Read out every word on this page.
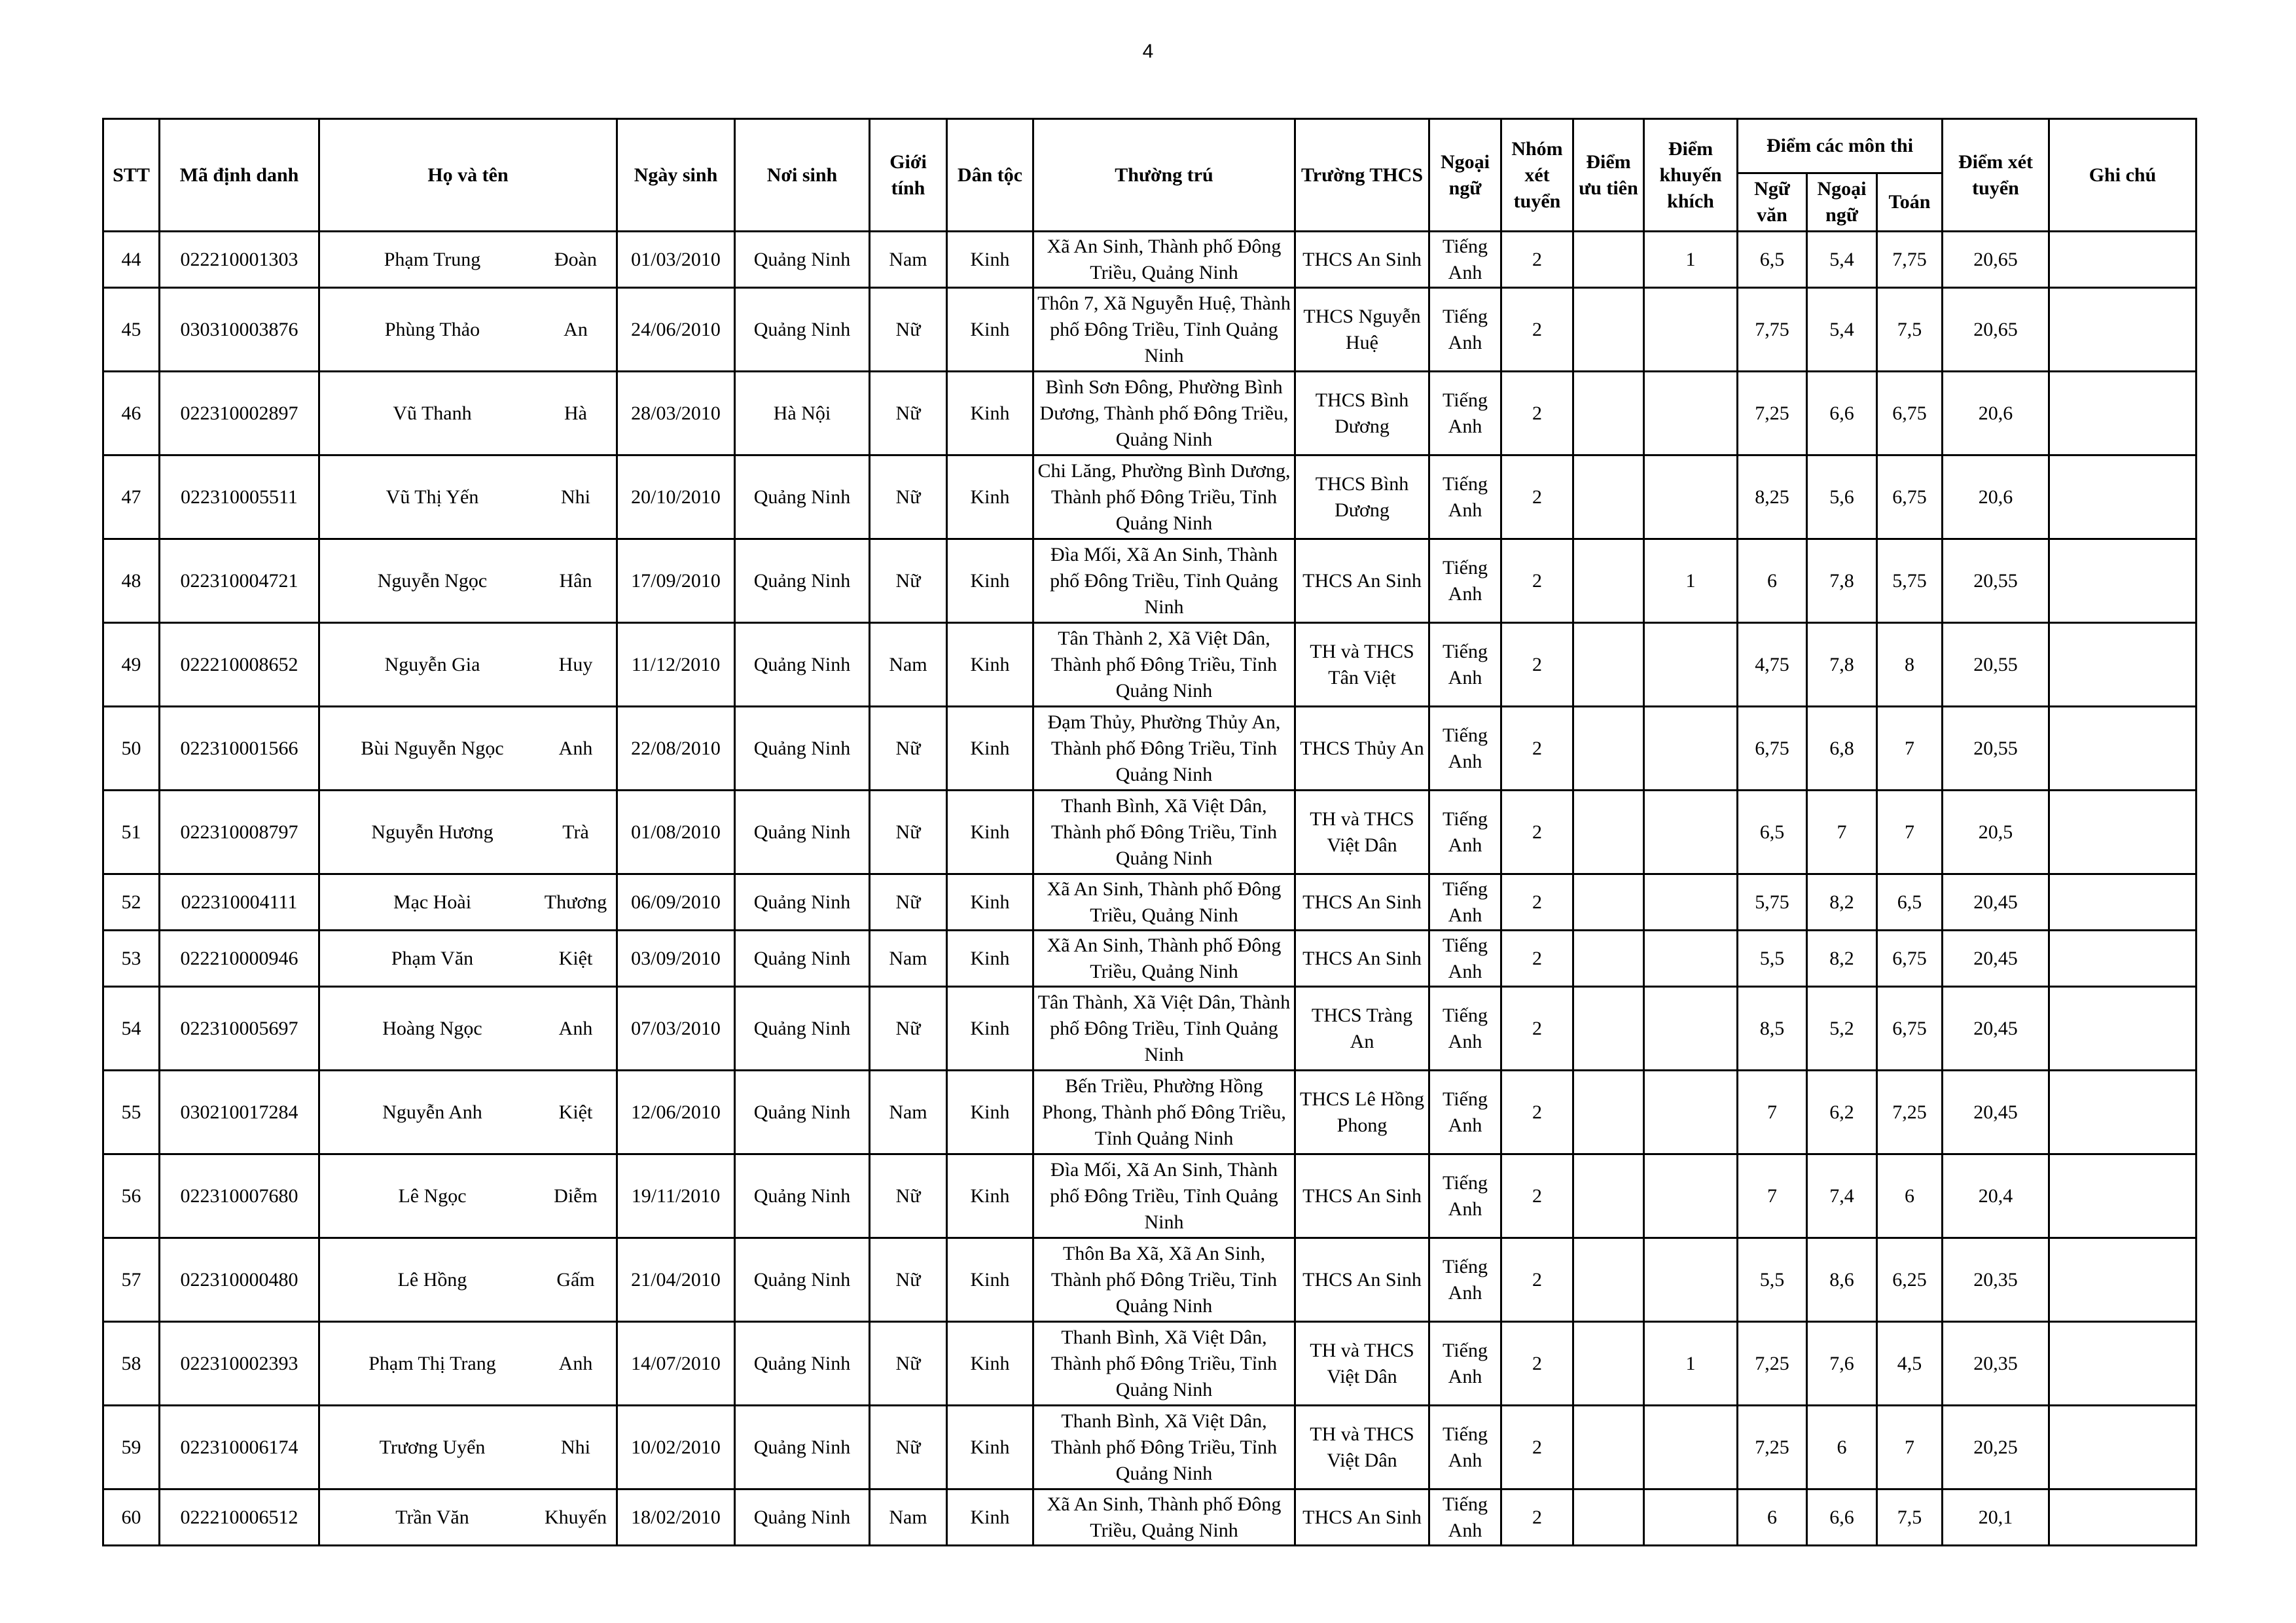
4
STT	Mã định danh	Họ và tên	Ngày sinh	Nơi sinh	Giới tính	Dân tộc	Thường trú	Trường THCS	Ngoại ngữ	Nhóm xét tuyển	Điểm ưu tiên	Điểm khuyến khích	Điểm các môn thi			Điểm xét tuyển	Ghi chú
													Ngữ văn	Ngoại ngữ	Toán		
44	022210001303	Phạm Trung Đoàn	01/03/2010	Quảng Ninh	Nam	Kinh	Xã An Sinh, Thành phố Đông Triều, Quảng Ninh	THCS An Sinh	Tiếng Anh	2		1	6,5	5,4	7,75	20,65	
45	030310003876	Phùng Thảo An	24/06/2010	Quảng Ninh	Nữ	Kinh	Thôn 7, Xã Nguyễn Huệ, Thành phố Đông Triều, Tỉnh Quảng Ninh	THCS Nguyễn Huệ	Tiếng Anh	2			7,75	5,4	7,5	20,65	
46	022310002897	Vũ Thanh Hà	28/03/2010	Hà Nội	Nữ	Kinh	Bình Sơn Đông, Phường Bình Dương, Thành phố Đông Triều, Quảng Ninh	THCS Bình Dương	Tiếng Anh	2			7,25	6,6	6,75	20,6	
47	022310005511	Vũ Thị Yến Nhi	20/10/2010	Quảng Ninh	Nữ	Kinh	Chi Lăng, Phường Bình Dương, Thành phố Đông Triều, Tỉnh Quảng Ninh	THCS Bình Dương	Tiếng Anh	2			8,25	5,6	6,75	20,6	
48	022310004721	Nguyễn Ngọc Hân	17/09/2010	Quảng Ninh	Nữ	Kinh	Đìa Mối, Xã An Sinh, Thành phố Đông Triều, Tỉnh Quảng Ninh	THCS An Sinh	Tiếng Anh	2		1	6	7,8	5,75	20,55	
49	022210008652	Nguyễn Gia Huy	11/12/2010	Quảng Ninh	Nam	Kinh	Tân Thành 2, Xã Việt Dân, Thành phố Đông Triều, Tỉnh Quảng Ninh	TH và THCS Tân Việt	Tiếng Anh	2			4,75	7,8	8	20,55	
50	022310001566	Bùi Nguyễn Ngọc Anh	22/08/2010	Quảng Ninh	Nữ	Kinh	Đạm Thủy, Phường Thủy An, Thành phố Đông Triều, Tỉnh Quảng Ninh	THCS Thủy An	Tiếng Anh	2			6,75	6,8	7	20,55	
51	022310008797	Nguyễn Hương Trà	01/08/2010	Quảng Ninh	Nữ	Kinh	Thanh Bình, Xã Việt Dân, Thành phố Đông Triều, Tỉnh Quảng Ninh	TH và THCS Việt Dân	Tiếng Anh	2			6,5	7	7	20,5	
52	022310004111	Mạc Hoài Thương	06/09/2010	Quảng Ninh	Nữ	Kinh	Xã An Sinh, Thành phố Đông Triều, Quảng Ninh	THCS An Sinh	Tiếng Anh	2			5,75	8,2	6,5	20,45	
53	022210000946	Phạm Văn Kiệt	03/09/2010	Quảng Ninh	Nam	Kinh	Xã An Sinh, Thành phố Đông Triều, Quảng Ninh	THCS An Sinh	Tiếng Anh	2			5,5	8,2	6,75	20,45	
54	022310005697	Hoàng Ngọc Anh	07/03/2010	Quảng Ninh	Nữ	Kinh	Tân Thành, Xã Việt Dân, Thành phố Đông Triều, Tỉnh Quảng Ninh	THCS Tràng An	Tiếng Anh	2			8,5	5,2	6,75	20,45	
55	030210017284	Nguyễn Anh Kiệt	12/06/2010	Quảng Ninh	Nam	Kinh	Bến Triều, Phường Hồng Phong, Thành phố Đông Triều, Tỉnh Quảng Ninh	THCS Lê Hồng Phong	Tiếng Anh	2			7	6,2	7,25	20,45	
56	022310007680	Lê Ngọc Diễm	19/11/2010	Quảng Ninh	Nữ	Kinh	Đìa Mối, Xã An Sinh, Thành phố Đông Triều, Tỉnh Quảng Ninh	THCS An Sinh	Tiếng Anh	2			7	7,4	6	20,4	
57	022310000480	Lê Hồng Gấm	21/04/2010	Quảng Ninh	Nữ	Kinh	Thôn Ba Xã, Xã An Sinh, Thành phố Đông Triều, Tỉnh Quảng Ninh	THCS An Sinh	Tiếng Anh	2			5,5	8,6	6,25	20,35	
58	022310002393	Phạm Thị Trang Anh	14/07/2010	Quảng Ninh	Nữ	Kinh	Thanh Bình, Xã Việt Dân, Thành phố Đông Triều, Tỉnh Quảng Ninh	TH và THCS Việt Dân	Tiếng Anh	2		1	7,25	7,6	4,5	20,35	
59	022310006174	Trương Uyển Nhi	10/02/2010	Quảng Ninh	Nữ	Kinh	Thanh Bình, Xã Việt Dân, Thành phố Đông Triều, Tỉnh Quảng Ninh	TH và THCS Việt Dân	Tiếng Anh	2			7,25	6	7	20,25	
60	022210006512	Trần Văn Khuyến	18/02/2010	Quảng Ninh	Nam	Kinh	Xã An Sinh, Thành phố Đông Triều, Quảng Ninh	THCS An Sinh	Tiếng Anh	2			6	6,6	7,5	20,1	
